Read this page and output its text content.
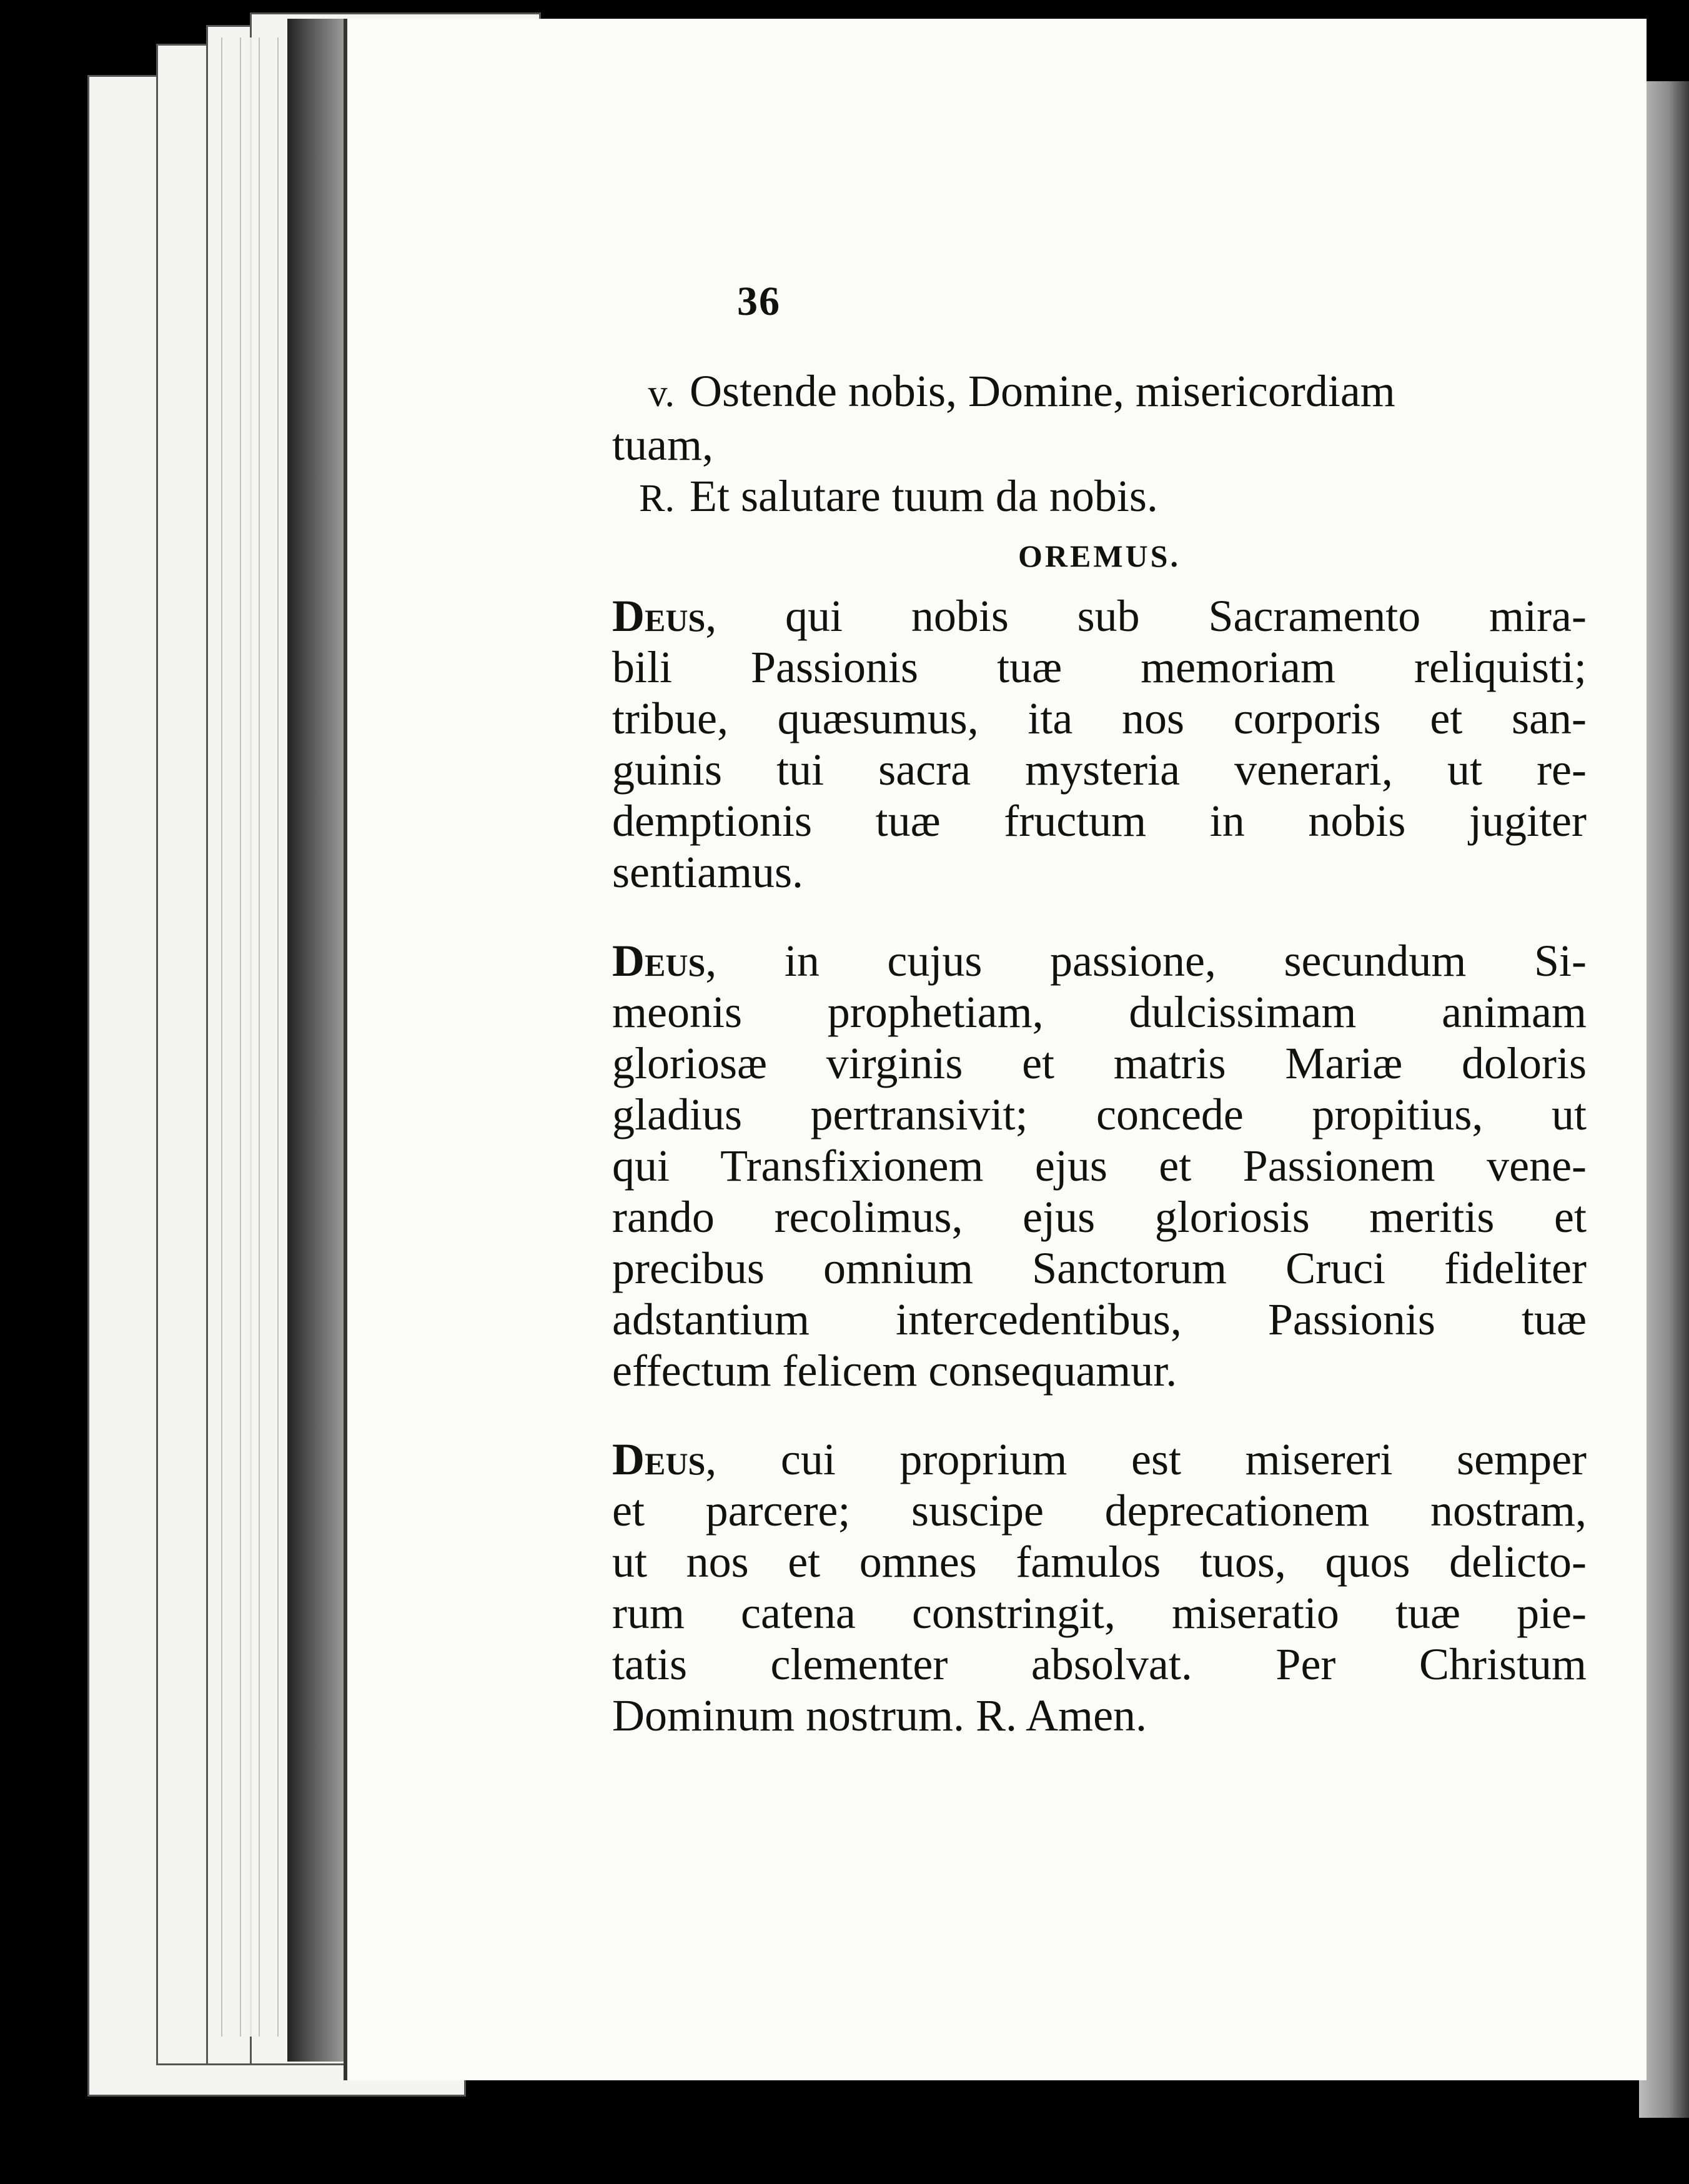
36
v. Ostende nobis, Domine, misericordiam
tuam,
R. Et salutare tuum da nobis.
OREMUS.
Deus, qui nobis sub Sacramento mira-
bili Passionis tuæ memoriam reliquisti;
tribue, quæsumus, ita nos corporis et san-
guinis tui sacra mysteria venerari, ut re-
demptionis tuæ fructum in nobis jugiter
sentiamus.
Deus, in cujus passione, secundum Si-
meonis prophetiam, dulcissimam animam
gloriosæ virginis et matris Mariæ doloris
gladius pertransivit; concede propitius, ut
qui Transfixionem ejus et Passionem vene-
rando recolimus, ejus gloriosis meritis et
precibus omnium Sanctorum Cruci fideliter
adstantium intercedentibus, Passionis tuæ
effectum felicem consequamur.
Deus, cui proprium est misereri semper
et parcere; suscipe deprecationem nostram,
ut nos et omnes famulos tuos, quos delicto-
rum catena constringit, miseratio tuæ pie-
tatis clementer absolvat. Per Christum
Dominum nostrum. R. Amen.
